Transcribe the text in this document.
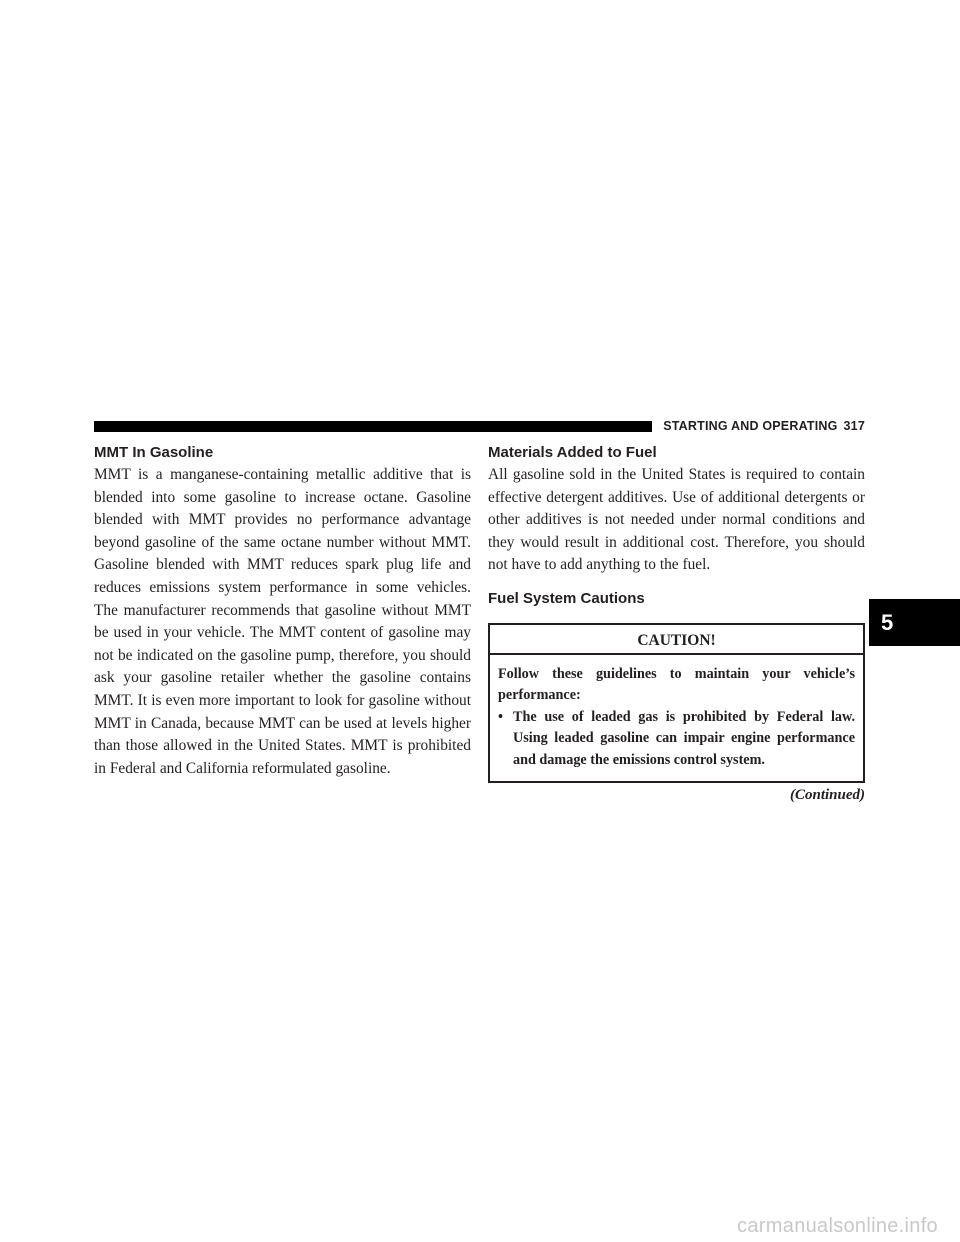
STARTING AND OPERATING 317
MMT In Gasoline

MMT is a manganese-containing metallic additive that is blended into some gasoline to increase octane. Gasoline blended with MMT provides no performance advantage beyond gasoline of the same octane number without MMT. Gasoline blended with MMT reduces spark plug life and reduces emissions system performance in some vehicles. The manufacturer recommends that gasoline without MMT be used in your vehicle. The MMT content of gasoline may not be indicated on the gasoline pump, therefore, you should ask your gasoline retailer whether the gasoline contains MMT. It is even more important to look for gasoline without MMT in Canada, because MMT can be used at levels higher than those allowed in the United States. MMT is prohibited in Federal and California reformulated gasoline.

Materials Added to Fuel

All gasoline sold in the United States is required to contain effective detergent additives. Use of additional detergents or other additives is not needed under normal conditions and they would result in additional cost. Therefore, you should not have to add anything to the fuel.

Fuel System Cautions
CAUTION!
Follow these guidelines to maintain your vehicle’s performance:
• The use of leaded gas is prohibited by Federal law. Using leaded gasoline can impair engine performance and damage the emissions control system.
(Continued)
5
carmanualsonline.info
